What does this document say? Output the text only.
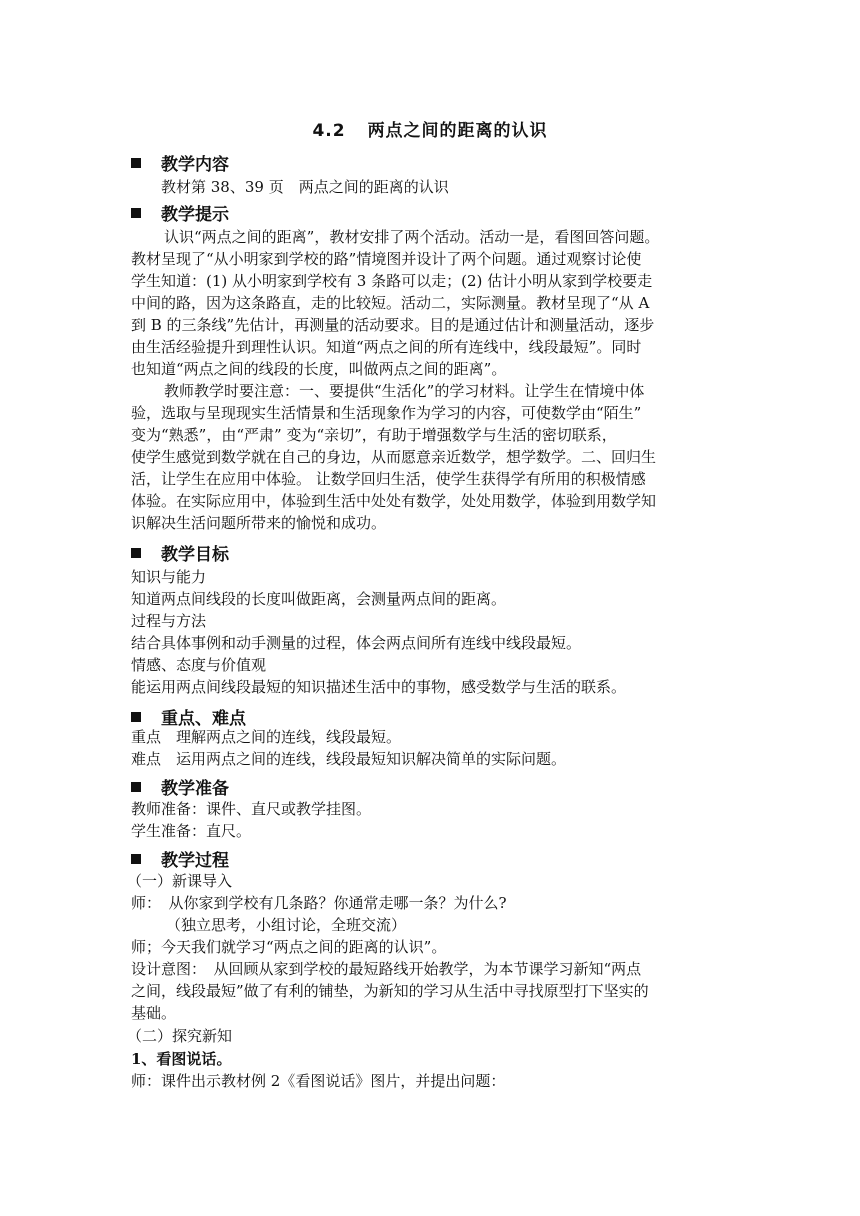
4.2 两点之间的距离的认识
教学内容
教材第 38、39 页　两点之间的距离的认识
教学提示
认识“两点之间的距离”，教材安排了两个活动。活动一是，看图回答问题。
教材呈现了“从小明家到学校的路”情境图并设计了两个问题。通过观察讨论使
学生知道：(1) 从小明家到学校有 3 条路可以走；(2) 估计小明从家到学校要走
中间的路，因为这条路直，走的比较短。活动二，实际测量。教材呈现了“从 A
到 B 的三条线”先估计，再测量的活动要求。目的是通过估计和测量活动，逐步
由生活经验提升到理性认识。知道“两点之间的所有连线中，线段最短”。同时
也知道“两点之间的线段的长度，叫做两点之间的距离”。
教师教学时要注意：一、要提供“生活化”的学习材料。让学生在情境中体
验，选取与呈现现实生活情景和生活现象作为学习的内容，可使数学由“陌生”
变为“熟悉”，由“严肃” 变为“亲切”，有助于增强数学与生活的密切联系，
使学生感觉到数学就在自己的身边，从而愿意亲近数学，想学数学。二、回归生
活，让学生在应用中体验。 让数学回归生活，使学生获得学有所用的积极情感
体验。在实际应用中，体验到生活中处处有数学，处处用数学，体验到用数学知
识解决生活问题所带来的愉悦和成功。
教学目标
知识与能力
知道两点间线段的长度叫做距离，会测量两点间的距离。
过程与方法
结合具体事例和动手测量的过程，体会两点间所有连线中线段最短。
情感、态度与价值观
能运用两点间线段最短的知识描述生活中的事物，感受数学与生活的联系。
重点、难点
重点　理解两点之间的连线，线段最短。
难点　运用两点之间的连线，线段最短知识解决简单的实际问题。
教学准备
教师准备：课件、直尺或教学挂图。
学生准备：直尺。
教学过程
（一）新课导入
师：　从你家到学校有几条路？你通常走哪一条？为什么?
（独立思考，小组讨论，全班交流）
师；今天我们就学习“两点之间的距离的认识”。
设计意图：　从回顾从家到学校的最短路线开始教学，为本节课学习新知“两点
之间，线段最短”做了有利的铺垫，为新知的学习从生活中寻找原型打下坚实的
基础。
（二）探究新知
1、看图说话。
师：课件出示教材例 2《看图说话》图片，并提出问题：
